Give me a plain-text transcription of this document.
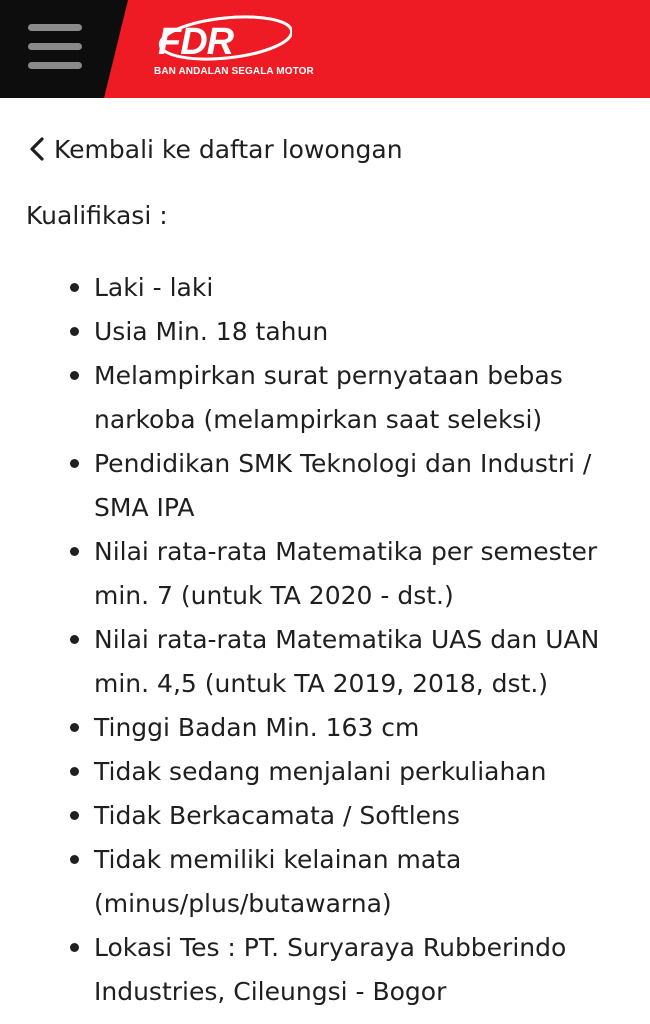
FDR
BAN ANDALAN SEGALA MOTOR
Kembali ke daftar lowongan
Kualifikasi :
Laki - laki
Usia Min. 18 tahun
Melampirkan surat pernyataan bebas narkoba (melampirkan saat seleksi)
Pendidikan SMK Teknologi dan Industri / SMA IPA
Nilai rata-rata Matematika per semester min. 7 (untuk TA 2020 - dst.)
Nilai rata-rata Matematika UAS dan UAN min. 4,5 (untuk TA 2019, 2018, dst.)
Tinggi Badan Min. 163 cm
Tidak sedang menjalani perkuliahan
Tidak Berkacamata / Softlens
Tidak memiliki kelainan mata (minus/plus/butawarna)
Lokasi Tes : PT. Suryaraya Rubberindo Industries, Cileungsi - Bogor
